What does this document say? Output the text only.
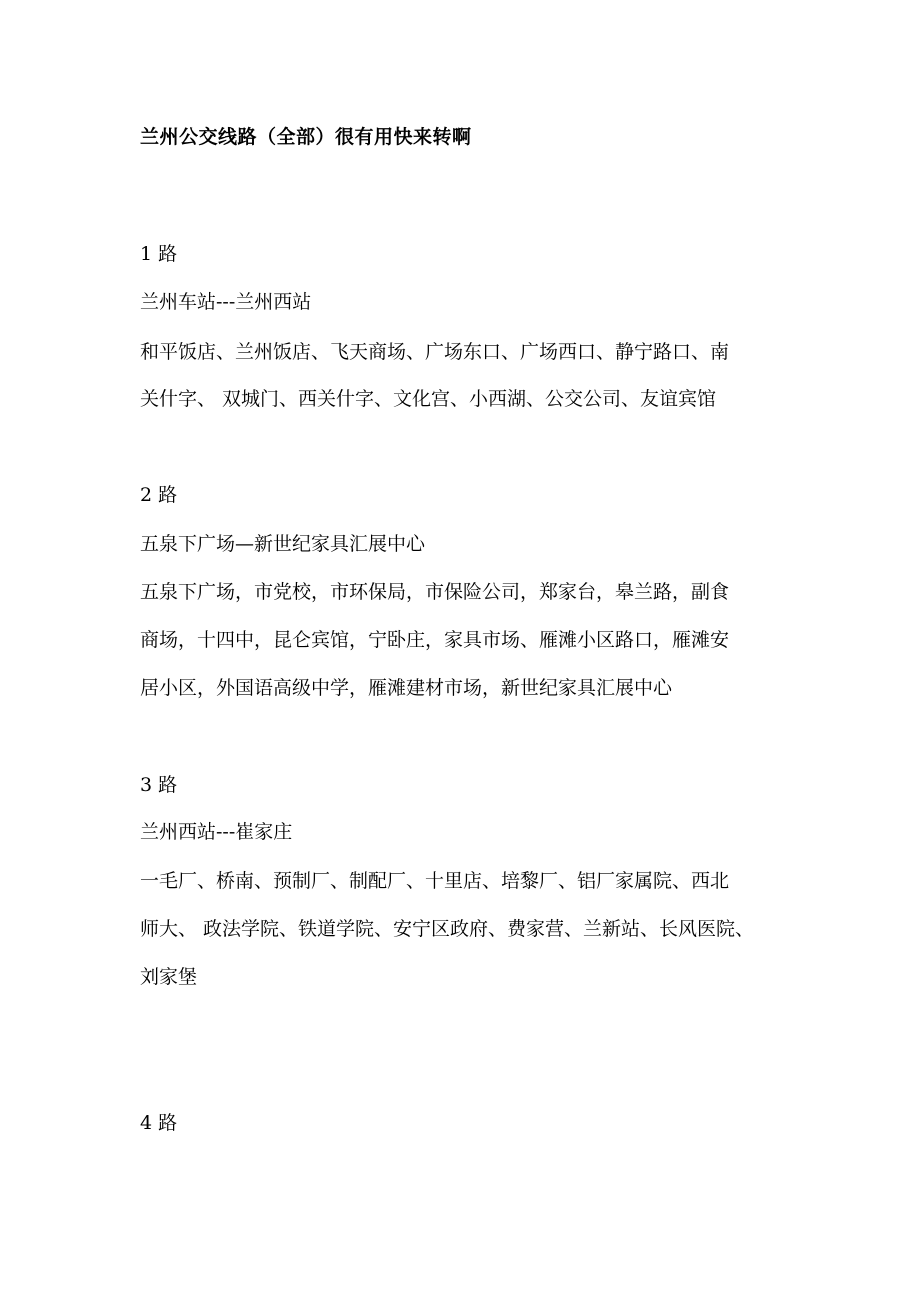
兰州公交线路（全部）很有用快来转啊
1 路
兰州车站---兰州西站
和平饭店、兰州饭店、飞天商场、广场东口、广场西口、静宁路口、南
关什字、 双城门、西关什字、文化宫、小西湖、公交公司、友谊宾馆
2 路
五泉下广场—新世纪家具汇展中心
五泉下广场，市党校，市环保局，市保险公司，郑家台，皋兰路，副食
商场，十四中，昆仑宾馆，宁卧庄，家具市场、雁滩小区路口，雁滩安
居小区，外国语高级中学，雁滩建材市场，新世纪家具汇展中心
3 路
兰州西站---崔家庄
一毛厂、桥南、预制厂、制配厂、十里店、培黎厂、铝厂家属院、西北
师大、 政法学院、铁道学院、安宁区政府、费家营、兰新站、长风医院、
刘家堡
4 路
